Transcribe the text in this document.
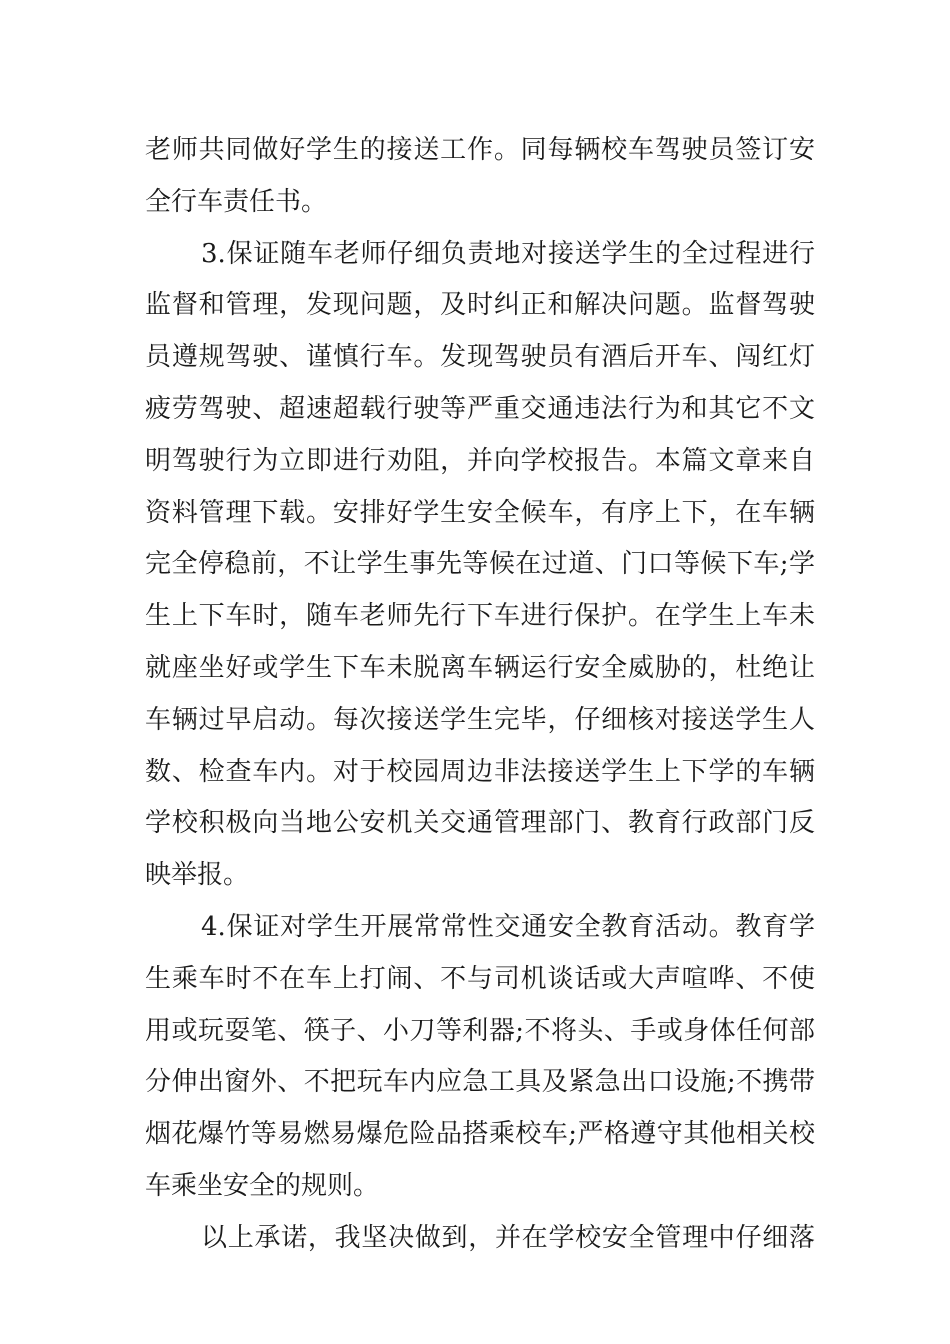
老师共同做好学生的接送工作。同每辆校车驾驶员签订安
全行车责任书。
3.保证随车老师仔细负责地对接送学生的全过程进行
监督和管理，发现问题，及时纠正和解决问题。监督驾驶
员遵规驾驶、谨慎行车。发现驾驶员有酒后开车、闯红灯
疲劳驾驶、超速超载行驶等严重交通违法行为和其它不文
明驾驶行为立即进行劝阻，并向学校报告。本篇文章来自
资料管理下载。安排好学生安全候车，有序上下，在车辆
完全停稳前，不让学生事先等候在过道、门口等候下车;学
生上下车时，随车老师先行下车进行保护。在学生上车未
就座坐好或学生下车未脱离车辆运行安全威胁的，杜绝让
车辆过早启动。每次接送学生完毕，仔细核对接送学生人
数、检查车内。对于校园周边非法接送学生上下学的车辆
学校积极向当地公安机关交通管理部门、教育行政部门反
映举报。
4.保证对学生开展常常性交通安全教育活动。教育学
生乘车时不在车上打闹、不与司机谈话或大声喧哗、不使
用或玩耍笔、筷子、小刀等利器;不将头、手或身体任何部
分伸出窗外、不把玩车内应急工具及紧急出口设施;不携带
烟花爆竹等易燃易爆危险品搭乘校车;严格遵守其他相关校
车乘坐安全的规则。
以上承诺，我坚决做到，并在学校安全管理中仔细落
